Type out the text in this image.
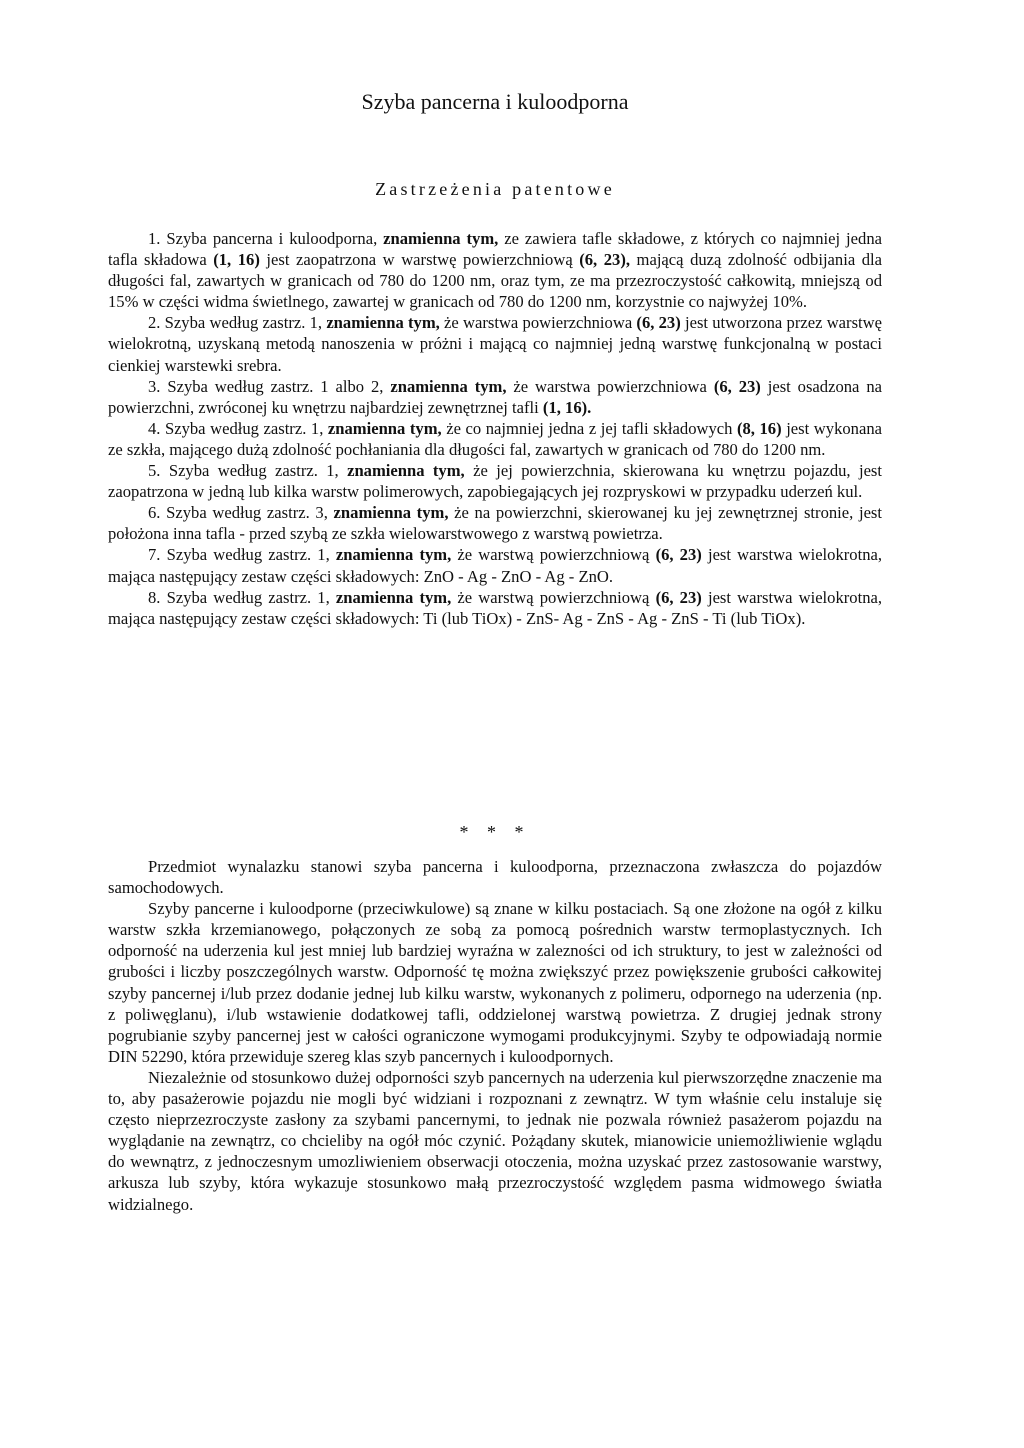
Szyba pancerna i kuloodporna
Zastrzeżenia patentowe

1. Szyba pancerna i kuloodporna, znamienna tym, ze zawiera tafle składowe, z których co najmniej jedna tafla składowa (1, 16) jest zaopatrzona w warstwę powierzchniową (6, 23), mającą duzą zdolność odbijania dla długości fal, zawartych w granicach od 780 do 1200 nm, oraz tym, ze ma przezroczystość całkowitą, mniejszą od 15% w części widma świetlnego, zawartej w granicach od 780 do 1200 nm, korzystnie co najwyżej 10%.

2. Szyba według zastrz. 1, znamienna tym, że warstwa powierzchniowa (6, 23) jest utworzona przez warstwę wielokrotną, uzyskaną metodą nanoszenia w próżni i mającą co najmniej jedną warstwę funkcjonalną w postaci cienkiej warstewki srebra.

3. Szyba według zastrz. 1 albo 2, znamienna tym, że warstwa powierzchniowa (6, 23) jest osadzona na powierzchni, zwróconej ku wnętrzu najbardziej zewnętrznej tafli (1, 16).

4. Szyba według zastrz. 1, znamienna tym, że co najmniej jedna z jej tafli składowych (8, 16) jest wykonana ze szkła, mającego dużą zdolność pochłaniania dla długości fal, zawartych w granicach od 780 do 1200 nm.

5. Szyba według zastrz. 1, znamienna tym, że jej powierzchnia, skierowana ku wnętrzu pojazdu, jest zaopatrzona w jedną lub kilka warstw polimerowych, zapobiegających jej rozpryskowi w przypadku uderzeń kul.

6. Szyba według zastrz. 3, znamienna tym, że na powierzchni, skierowanej ku jej zewnętrznej stronie, jest położona inna tafla - przed szybą ze szkła wielowarstwowego z warstwą powietrza.

7. Szyba według zastrz. 1, znamienna tym, że warstwą powierzchniową (6, 23) jest warstwa wielokrotna, mająca następujący zestaw części składowych: ZnO - Ag - ZnO - Ag - ZnO.

8. Szyba według zastrz. 1, znamienna tym, że warstwą powierzchniową (6, 23) jest warstwa wielokrotna, mająca następujący zestaw części składowych: Ti (lub TiOx) - ZnS- Ag - ZnS - Ag - ZnS - Ti (lub TiOx).

* * *

Przedmiot wynalazku stanowi szyba pancerna i kuloodporna, przeznaczona zwłaszcza do pojazdów samochodowych.

Szyby pancerne i kuloodporne (przeciwkulowe) są znane w kilku postaciach. Są one złożone na ogół z kilku warstw szkła krzemianowego, połączonych ze sobą za pomocą pośrednich warstw termoplastycznych. Ich odporność na uderzenia kul jest mniej lub bardziej wyraźna w zalezności od ich struktury, to jest w zależności od grubości i liczby poszczególnych warstw. Odporność tę można zwiększyć przez powiększenie grubości całkowitej szyby pancernej i/lub przez dodanie jednej lub kilku warstw, wykonanych z polimeru, odpornego na uderzenia (np. z poliwęglanu), i/lub wstawienie dodatkowej tafli, oddzielonej warstwą powietrza. Z drugiej jednak strony pogrubianie szyby pancernej jest w całości ograniczone wymogami produkcyjnymi. Szyby te odpowiadają normie DIN 52290, która przewiduje szereg klas szyb pancernych i kuloodpornych.

Niezależnie od stosunkowo dużej odporności szyb pancernych na uderzenia kul pierwszorzędne znaczenie ma to, aby pasażerowie pojazdu nie mogli być widziani i rozpoznani z zewnątrz. W tym właśnie celu instaluje się często nieprzezroczyste zasłony za szybami pancernymi, to jednak nie pozwala również pasażerom pojazdu na wyglądanie na zewnątrz, co chcieliby na ogół móc czynić. Pożądany skutek, mianowicie uniemożliwienie wglądu do wewnątrz, z jednoczesnym umozliwieniem obserwacji otoczenia, można uzyskać przez zastosowanie warstwy, arkusza lub szyby, która wykazuje stosunkowo małą przezroczystość względem pasma widmowego światła widzialnego.
